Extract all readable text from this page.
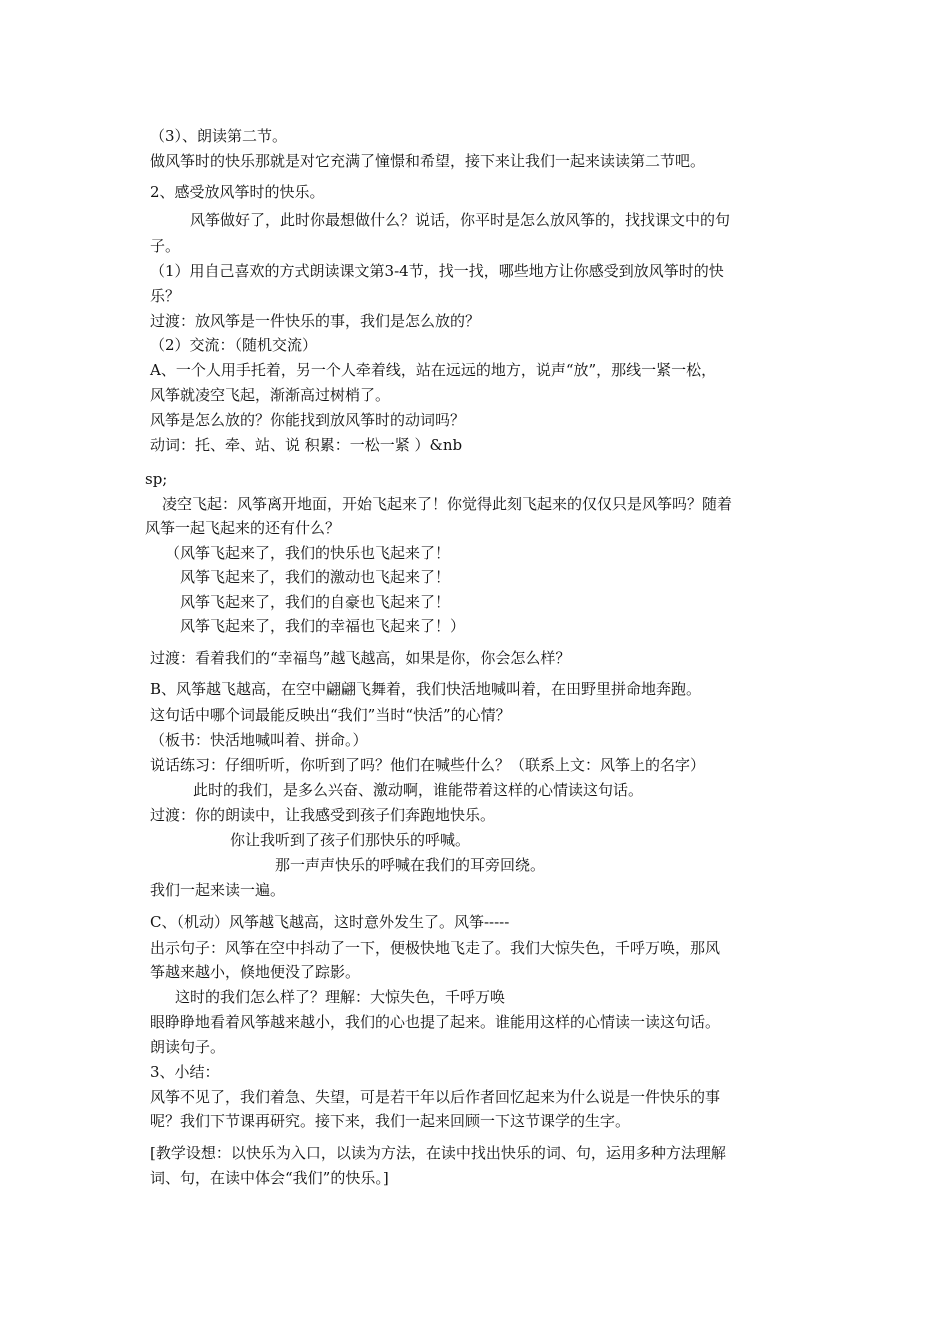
（3）、朗读第二节。
做风筝时的快乐那就是对它充满了憧憬和希望，接下来让我们一起来读读第二节吧。
2、感受放风筝时的快乐。
风筝做好了，此时你最想做什么？说话，你平时是怎么放风筝的，找找课文中的句
子。
（1）用自己喜欢的方式朗读课文第3-4节，找一找，哪些地方让你感受到放风筝时的快
乐？
过渡：放风筝是一件快乐的事，我们是怎么放的？
（2）交流：（随机交流）
A、一个人用手托着，另一个人牵着线，站在远远的地方，说声“放”，那线一紧一松，
风筝就凌空飞起，渐渐高过树梢了。
风筝是怎么放的？你能找到放风筝时的动词吗？
动词：托、牵、站、说 积累：一松一紧 ）&nb
sp;
凌空飞起：风筝离开地面，开始飞起来了！你觉得此刻飞起来的仅仅只是风筝吗？随着
风筝一起飞起来的还有什么？
（风筝飞起来了，我们的快乐也飞起来了！
风筝飞起来了，我们的激动也飞起来了！
风筝飞起来了，我们的自豪也飞起来了！
风筝飞起来了，我们的幸福也飞起来了！）
过渡：看着我们的“幸福鸟”越飞越高，如果是你，你会怎么样？
B、风筝越飞越高，在空中翩翩飞舞着，我们快活地喊叫着，在田野里拼命地奔跑。
这句话中哪个词最能反映出“我们”当时“快活”的心情？
（板书：快活地喊叫着、拼命。）
说话练习：仔细听听，你听到了吗？他们在喊些什么？（联系上文：风筝上的名字）
此时的我们，是多么兴奋、激动啊，谁能带着这样的心情读这句话。
过渡：你的朗读中，让我感受到孩子们奔跑地快乐。
你让我听到了孩子们那快乐的呼喊。
那一声声快乐的呼喊在我们的耳旁回绕。
我们一起来读一遍。
C、（机动）风筝越飞越高，这时意外发生了。风筝-----
出示句子：风筝在空中抖动了一下，便极快地飞走了。我们大惊失色，千呼万唤，那风
筝越来越小，倏地便没了踪影。
这时的我们怎么样了？理解：大惊失色，千呼万唤
眼睁睁地看着风筝越来越小，我们的心也提了起来。谁能用这样的心情读一读这句话。
朗读句子。
3、小结：
风筝不见了，我们着急、失望，可是若干年以后作者回忆起来为什么说是一件快乐的事
呢？我们下节课再研究。接下来，我们一起来回顾一下这节课学的生字。
[教学设想：以快乐为入口，以读为方法，在读中找出快乐的词、句，运用多种方法理解
词、句，在读中体会“我们”的快乐。]
